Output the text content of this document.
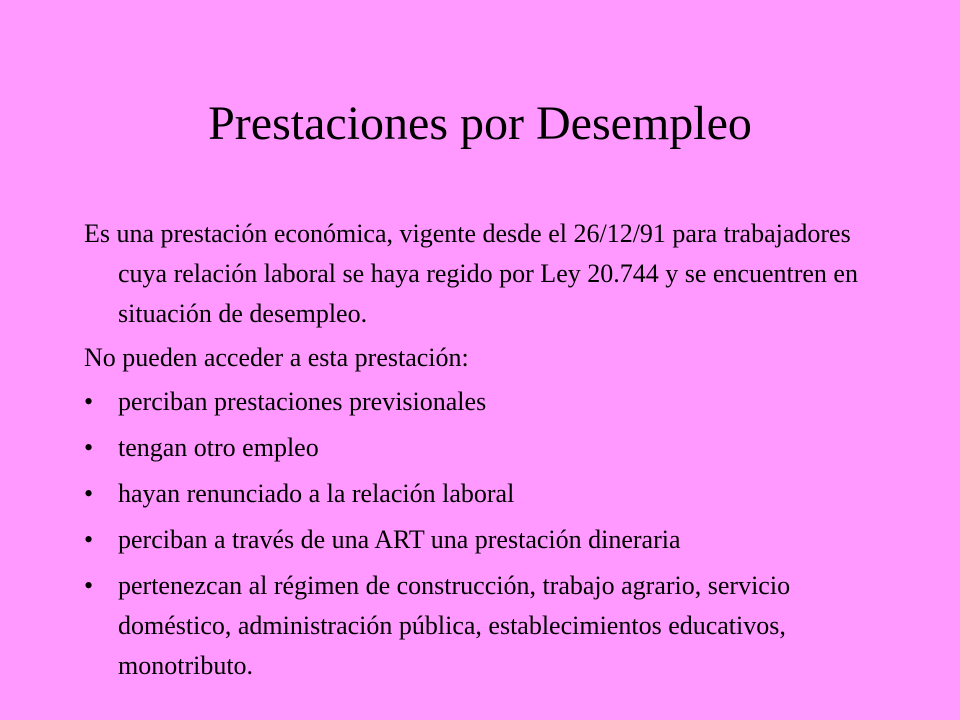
Prestaciones por Desempleo

Es una prestación económica, vigente desde el 26/12/91 para trabajadores cuya relación laboral se haya regido por Ley 20.744 y se encuentren en situación de desempleo.

No pueden acceder a esta prestación:

• perciban prestaciones previsionales
• tengan otro empleo
• hayan renunciado a la relación laboral
• perciban a través de una ART una prestación dineraria
• pertenezcan al régimen de construcción, trabajo agrario, servicio doméstico, administración pública, establecimientos educativos, monotributo.
